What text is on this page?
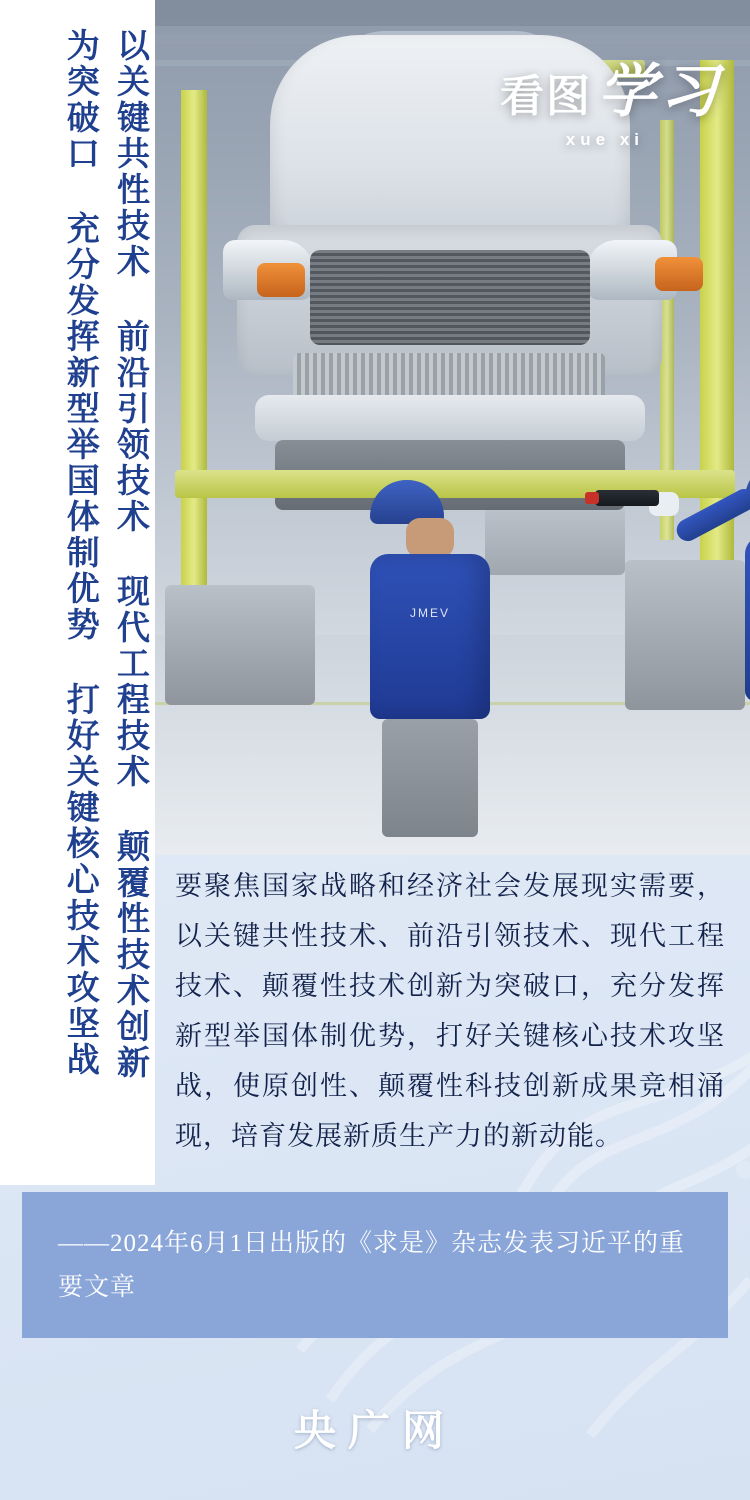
JMEV
看图 学习
xue xi
以关键共性技术 前沿引领技术 现代工程技术 颠覆性技术创新
为突破口 充分发挥新型举国体制优势 打好关键核心技术攻坚战	要聚焦国家战略和经济社会发展现实需要，以关键共性技术、前沿引领技术、现代工程技术、颠覆性技术创新为突破口，充分发挥新型举国体制优势，打好关键核心技术攻坚战，使原创性、颠覆性科技创新成果竞相涌现，培育发展新质生产力的新动能。
——2024年6月1日出版的《求是》杂志发表习近平的重要文章
央广网
